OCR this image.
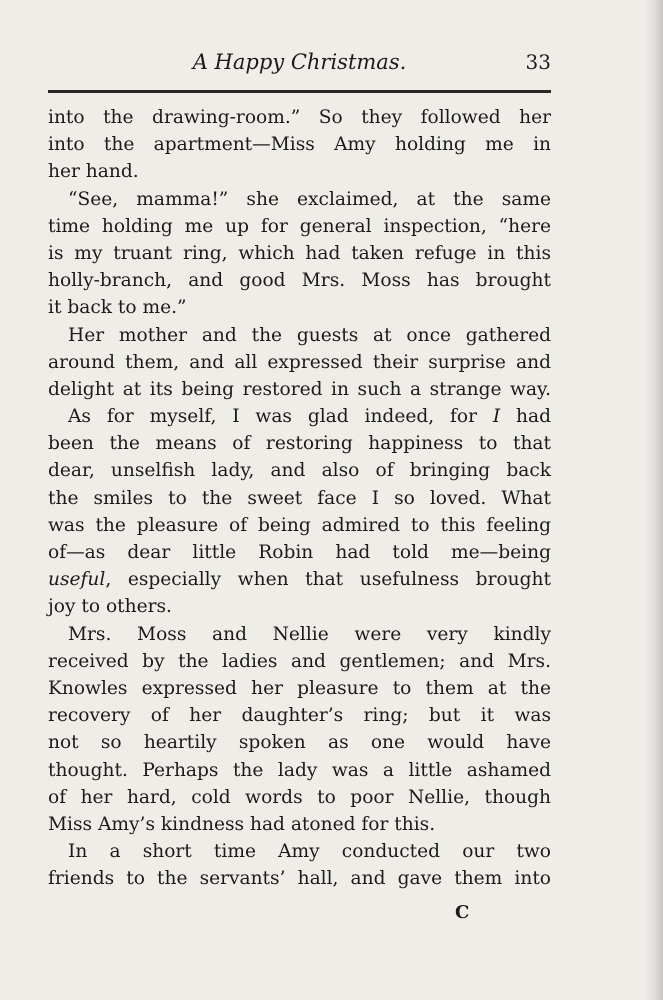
A Happy Christmas.	33
into the drawing-room.” So they followed her
into the apartment—Miss Amy holding me in
her hand.
“See, mamma!” she exclaimed, at the same
time holding me up for general inspection, “here
is my truant ring, which had taken refuge in this
holly-branch, and good Mrs. Moss has brought
it back to me.”
Her mother and the guests at once gathered
around them, and all expressed their surprise and
delight at its being restored in such a strange way.
As for myself, I was glad indeed, for I had
been the means of restoring happiness to that
dear, unselfish lady, and also of bringing back
the smiles to the sweet face I so loved. What
was the pleasure of being admired to this feeling
of—as dear little Robin had told me—being
useful, especially when that usefulness brought
joy to others.
Mrs. Moss and Nellie were very kindly
received by the ladies and gentlemen; and Mrs.
Knowles expressed her pleasure to them at the
recovery of her daughter’s ring; but it was
not so heartily spoken as one would have
thought. Perhaps the lady was a little ashamed
of her hard, cold words to poor Nellie, though
Miss Amy’s kindness had atoned for this.
In a short time Amy conducted our two
friends to the servants’ hall, and gave them into
C
